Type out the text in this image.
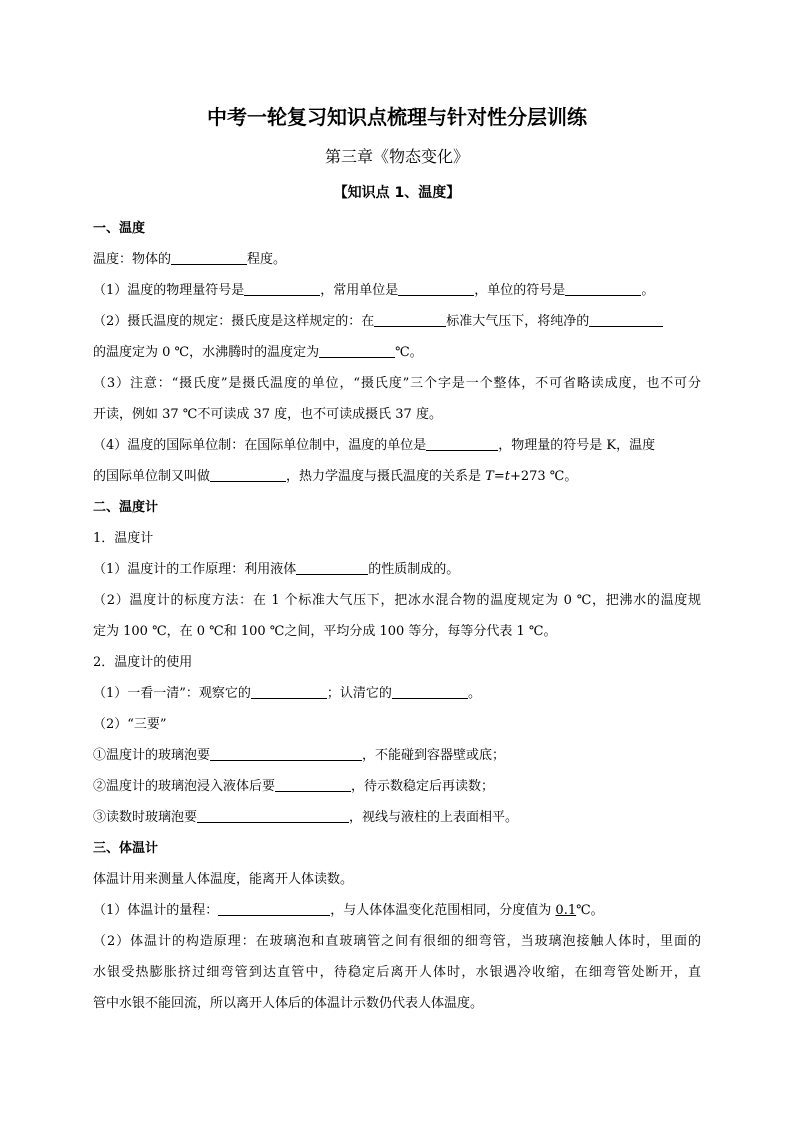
中考一轮复习知识点梳理与针对性分层训练
第三章《物态变化》
【知识点 1、温度】
一、温度
温度：物体的	程度。
（1）温度的物理量符号是	，常用单位是	，单位的符号是	。
（2）摄氏温度的规定：摄氏度是这样规定的：在	标准大气压下，将纯净的
的温度定为 0 ℃，水沸腾时的温度定为	℃。
（3）注意：“摄氏度”是摄氏温度的单位，“摄氏度”三个字是一个整体，不可省略读成度，也不可分
开读，例如 37 ℃不可读成 37 度，也不可读成摄氏 37 度。
（4）温度的国际单位制：在国际单位制中，温度的单位是	，物理量的符号是 K，温度
的国际单位制又叫做	，热力学温度与摄氏温度的关系是 T=t+273 ℃。
二、温度计
1．温度计
（1）温度计的工作原理：利用液体	的性质制成的。
（2）温度计的标度方法：在 1 个标准大气压下，把冰水混合物的温度规定为 0 ℃，把沸水的温度规
定为 100 ℃，在 0 ℃和 100 ℃之间，平均分成 100 等分，每等分代表 1 ℃。
2．温度计的使用
（1）一看一清”：观察它的	；认清它的	。
（2）“三要”
①温度计的玻璃泡要	，不能碰到容器壁或底；
②温度计的玻璃泡浸入液体后要	，待示数稳定后再读数；
③读数时玻璃泡要	，视线与液柱的上表面相平。
三、体温计
体温计用来测量人体温度，能离开人体读数。
（1）体温计的量程：	，与人体体温变化范围相同，分度值为 0.1℃。
（2）体温计的构造原理：在玻璃泡和直玻璃管之间有很细的细弯管，当玻璃泡接触人体时，里面的
水银受热膨胀挤过细弯管到达直管中，待稳定后离开人体时，水银遇冷收缩，在细弯管处断开，直
管中水银不能回流，所以离开人体后的体温计示数仍代表人体温度。
